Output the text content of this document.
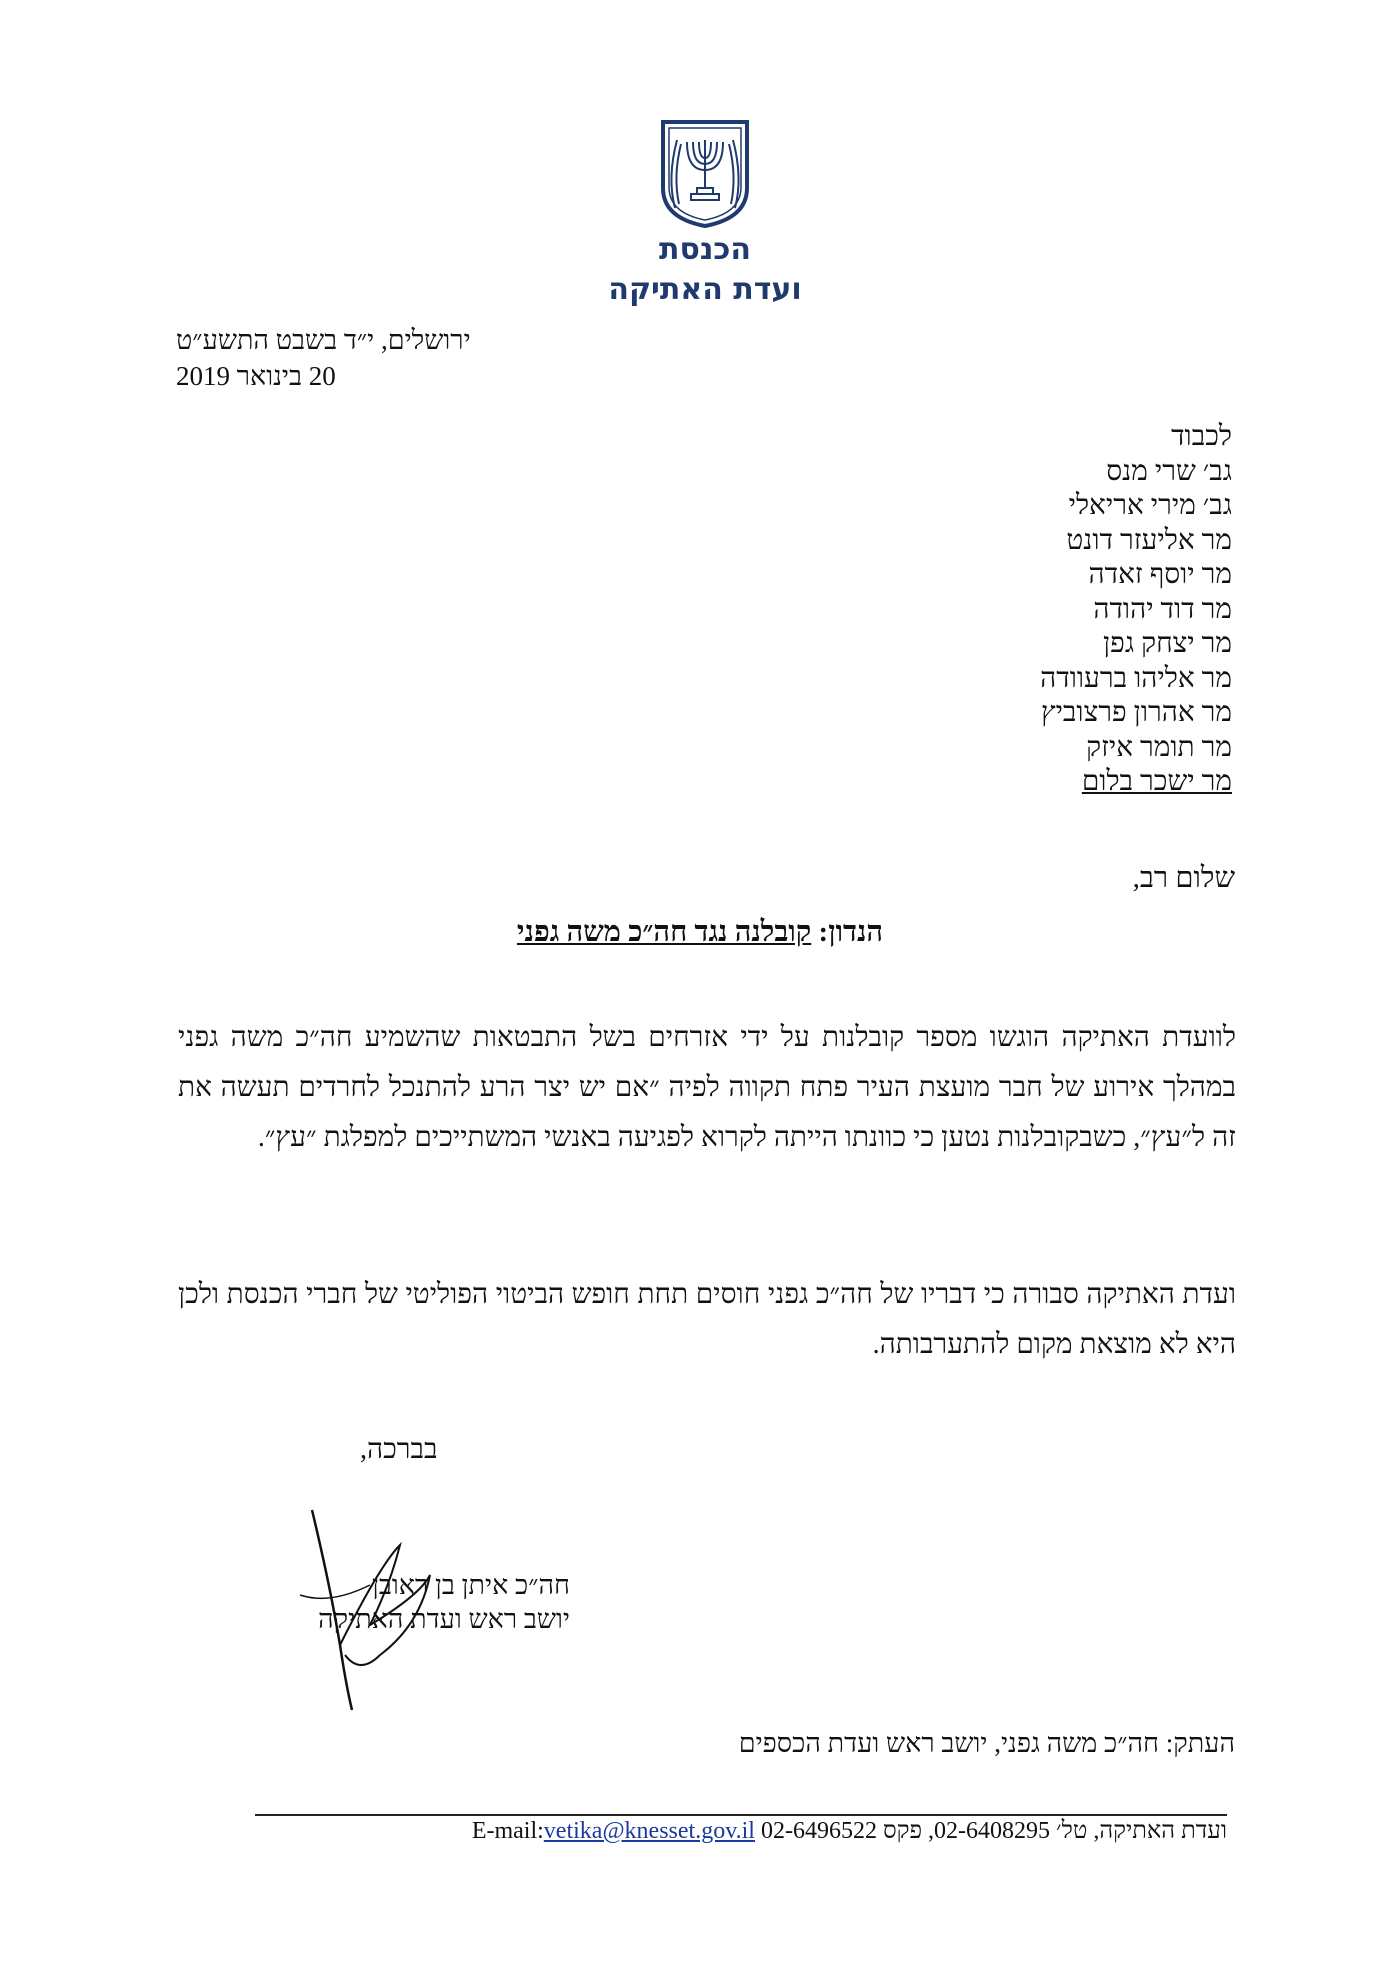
הכנסת
ועדת האתיקה
ירושלים, י״ד בשבט התשע״ט
20 בינואר 2019
לכבוד
גב׳ שרי מנס
גב׳ מירי אריאלי
מר אליעזר דונט
מר יוסף זאדה
מר דוד יהודה
מר יצחק גפן
מר אליהו ברעוודה
מר אהרון פרצוביץ
מר תומר איזק
מר ישכר בלום
שלום רב,
הנדון: קובלנה נגד חה״כ משה גפני
לוועדת האתיקה הוגשו מספר קובלנות על ידי אזרחים בשל התבטאות שהשמיע חה״כ משה גפני במהלך אירוע של חבר מועצת העיר פתח תקווה לפיה ״אם יש יצר הרע להתנכל לחרדים תעשה את זה ל״עץ״, כשבקובלנות נטען כי כוונתו הייתה לקרוא לפגיעה באנשי המשתייכים למפלגת ״עץ״.
ועדת האתיקה סבורה כי דבריו של חה״כ גפני חוסים תחת חופש הביטוי הפוליטי של חברי הכנסת ולכן היא לא מוצאת מקום להתערבותה.
בברכה,
חה״כ איתן בן ראובן
יושב ראש ועדת האתיקה
העתק: חה״כ משה גפני, יושב ראש ועדת הכספים
ועדת האתיקה, טל׳ 02-6408295, פקס 02-6496522 E-mail:vetika@knesset.gov.il
